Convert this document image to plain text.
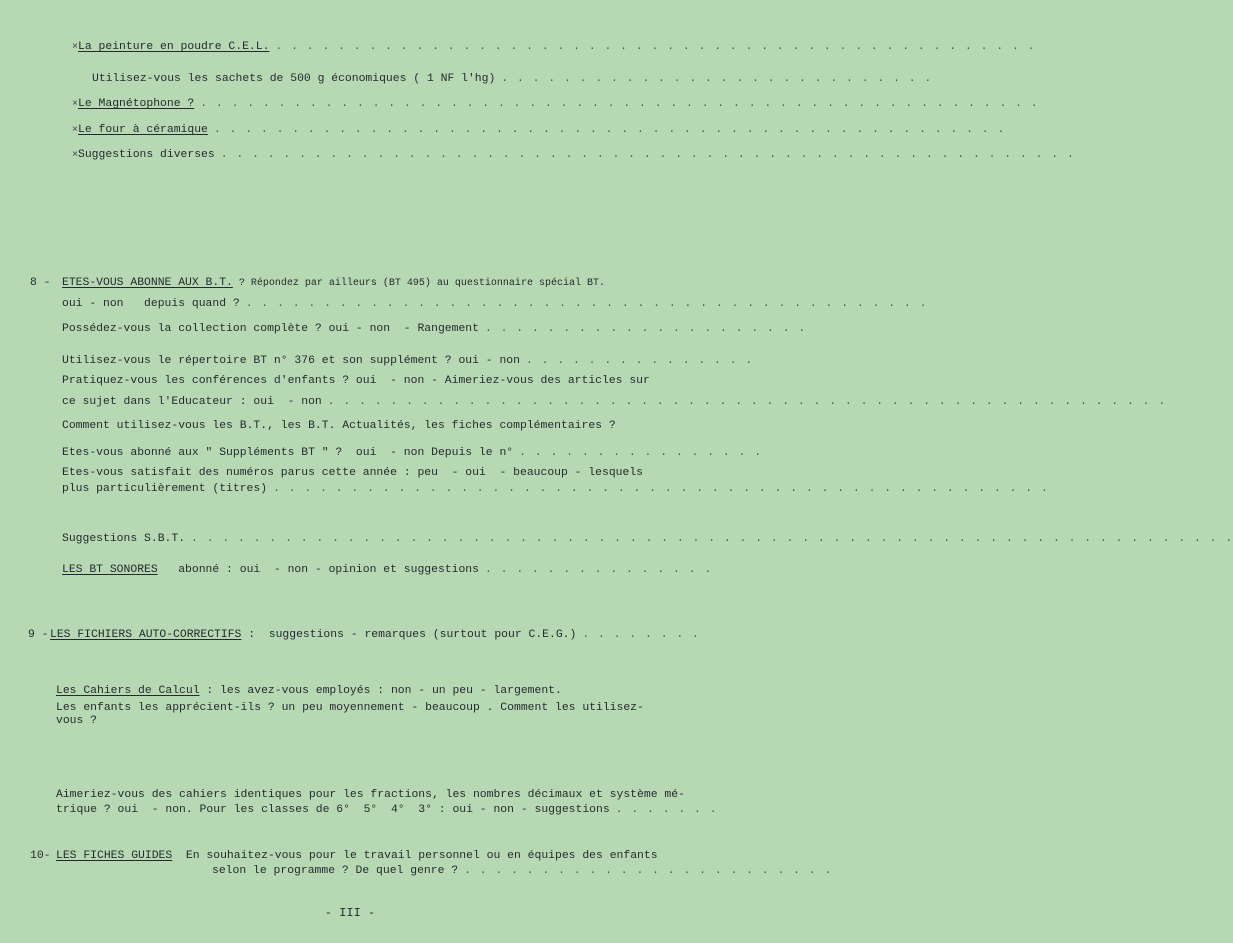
× La peinture en poudre C.E.L. . . . . . . . . . . . . . . . . . . . . . . . . . . . . . . . . . . . . . . . . . . . . . . . . .
Utilisez-vous les sachets de 500 g économiques ( 1 NF l'hg) . . . . . . . . . . . . . . . . . . . . . . . . . . . .
× Le Magnétophone ? . . . . . . . . . . . . . . . . . . . . . . . . . . . . . . . . . . . . . . . . . . . . . . . . . . . . . .
× Le four à céramique . . . . . . . . . . . . . . . . . . . . . . . . . . . . . . . . . . . . . . . . . . . . . . . . . . .
× Suggestions diverses . . . . . . . . . . . . . . . . . . . . . . . . . . . . . . . . . . . . . . . . . . . . . . . . . . . . . . .
8 - ETES-VOUS ABONNE AUX B.T. ? Répondez par ailleurs (BT 495) au questionnaire spécial BT.
oui - non   depuis quand ? . . . . . . . . . . . . . . . . . . . . . . . . . . . . . . . . . . . . . . . . . . . .
Possédez-vous la collection complète ? oui - non  - Rangement . . . . . . . . . . . . . . . . . . . . .
Utilisez-vous le répertoire BT n° 376 et son supplément ? oui - non . . . . . . . . . . . . . . .
Pratiquez-vous les conférences d'enfants ? oui  - non - Aimeriez-vous des articles sur
ce sujet dans l'Educateur : oui  - non . . . . . . . . . . . . . . . . . . . . . . . . . . . . . . . . . . . . . . . . . . . . . . . . . . . . . .
Comment utilisez-vous les B.T., les B.T. Actualités, les fiches complémentaires ?
Etes-vous abonné aux " Suppléments BT " ?  oui  - non Depuis le n° . . . . . . . . . . . . . . . .
Etes-vous satisfait des numéros parus cette année : peu  - oui  - beaucoup - lesquels
plus particulièrement (titres) . . . . . . . . . . . . . . . . . . . . . . . . . . . . . . . . . . . . . . . . . . . . . . . . . .
Suggestions S.B.T. . . . . . . . . . . . . . . . . . . . . . . . . . . . . . . . . . . . . . . . . . . . . . . . . . . . . . . . . . . . . . . . . . . .
LES BT SONORES abonné : oui  - non - opinion et suggestions . . . . . . . . . . . . . . .
9 - LES FICHIERS AUTO-CORRECTIFS :  suggestions - remarques (surtout pour C.E.G.) . . . . . . . .
Les Cahiers de Calcul : les avez-vous employés : non - un peu - largement.
Les enfants les apprécient-ils ? un peu moyennement - beaucoup . Comment les utilisez-
vous ?
Aimeriez-vous des cahiers identiques pour les fractions, les nombres décimaux et système mé-
trique ? oui  - non. Pour les classes de 6°  5°  4°  3° : oui - non - suggestions . . . . . . .
10- LES FICHES GUIDES En souhaitez-vous pour le travail personnel ou en équipes des enfants
selon le programme ? De quel genre ? . . . . . . . . . . . . . . . . . . . . . . . .
- III -
